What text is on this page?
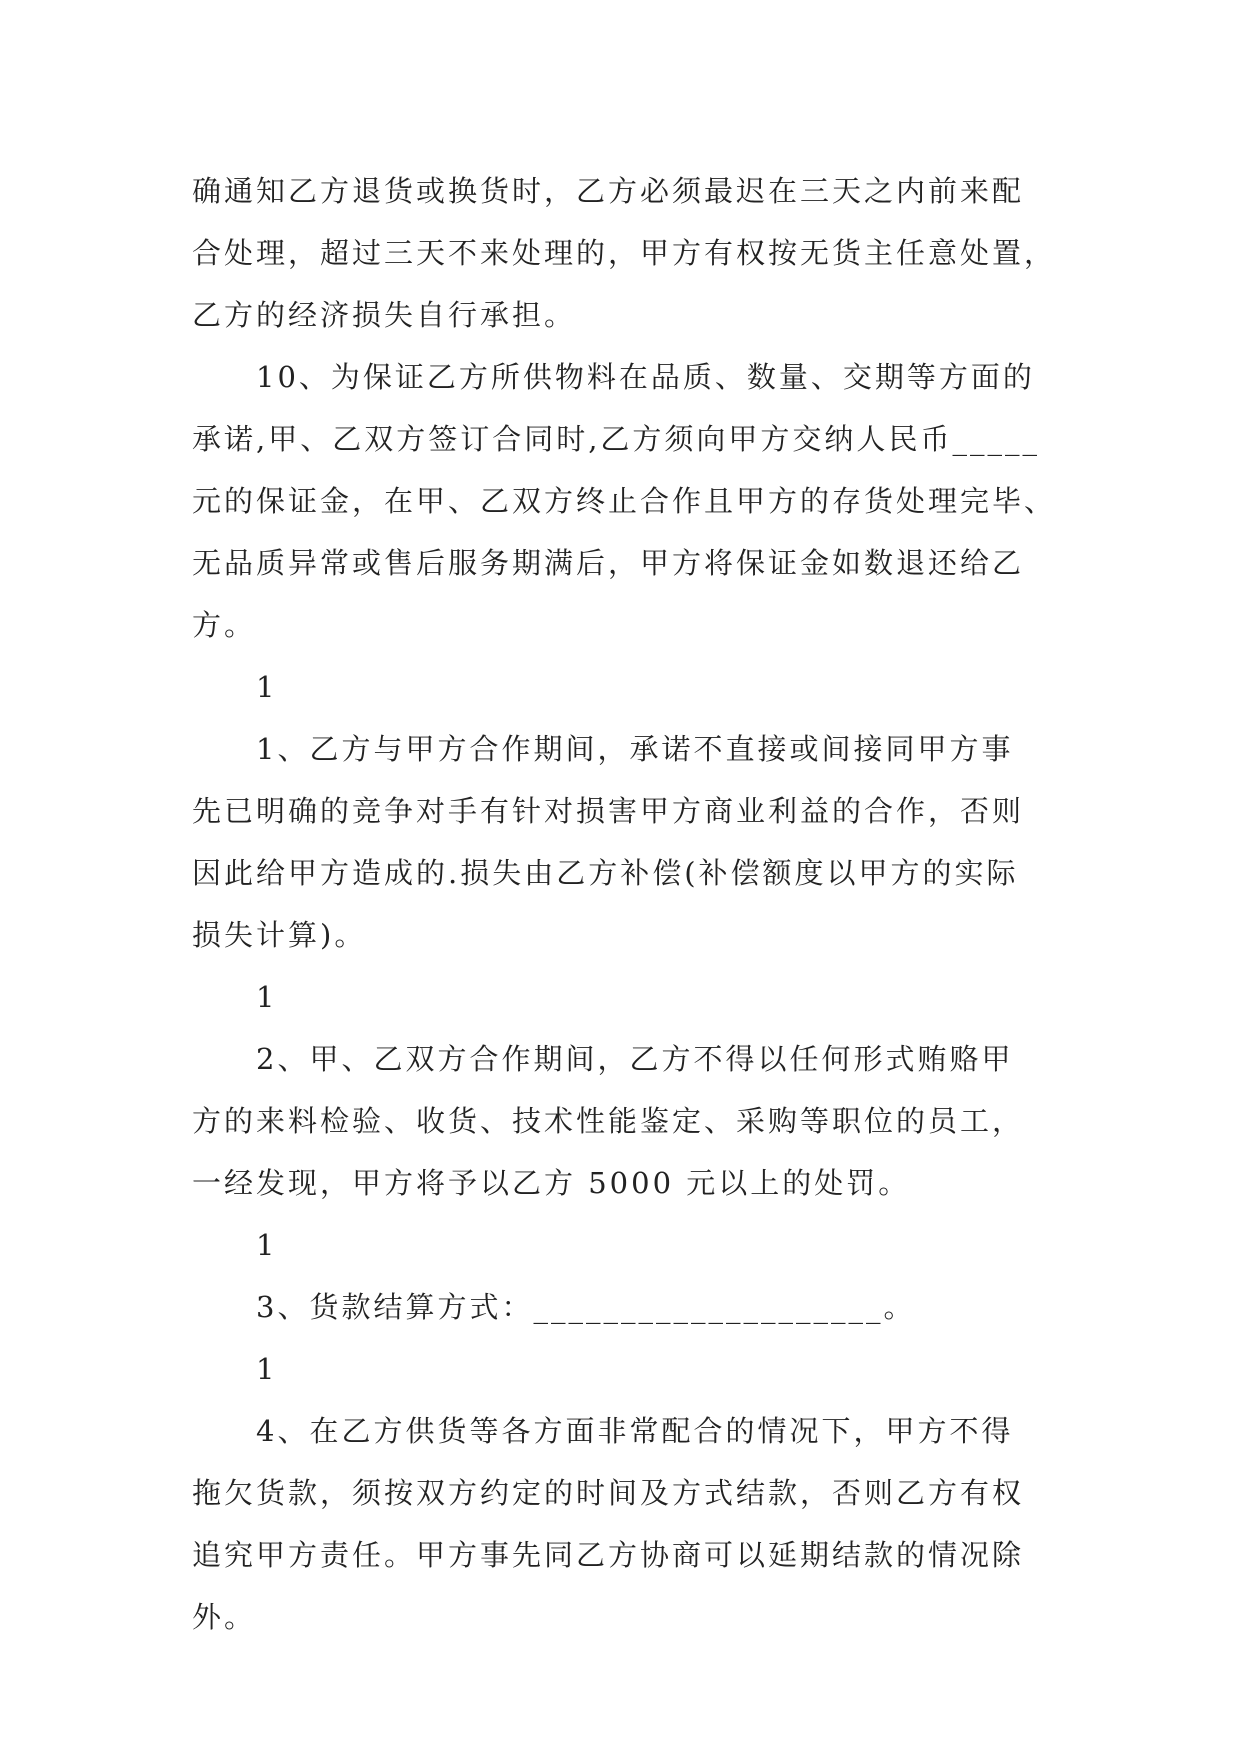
确通知乙方退货或换货时，乙方必须最迟在三天之内前来配
合处理，超过三天不来处理的，甲方有权按无货主任意处置，
乙方的经济损失自行承担。
　　10、为保证乙方所供物料在品质、数量、交期等方面的
承诺,甲、乙双方签订合同时,乙方须向甲方交纳人民币_____
元的保证金，在甲、乙双方终止合作且甲方的存货处理完毕、
无品质异常或售后服务期满后，甲方将保证金如数退还给乙
方。
　　1
　　1、乙方与甲方合作期间，承诺不直接或间接同甲方事
先已明确的竞争对手有针对损害甲方商业利益的合作，否则
因此给甲方造成的.损失由乙方补偿(补偿额度以甲方的实际
损失计算)。
　　1
　　2、甲、乙双方合作期间，乙方不得以任何形式贿赂甲
方的来料检验、收货、技术性能鉴定、采购等职位的员工，
一经发现，甲方将予以乙方 5000 元以上的处罚。
　　1
　　3、货款结算方式：____________________。
　　1
　　4、在乙方供货等各方面非常配合的情况下，甲方不得
拖欠货款，须按双方约定的时间及方式结款，否则乙方有权
追究甲方责任。甲方事先同乙方协商可以延期结款的情况除
外。
